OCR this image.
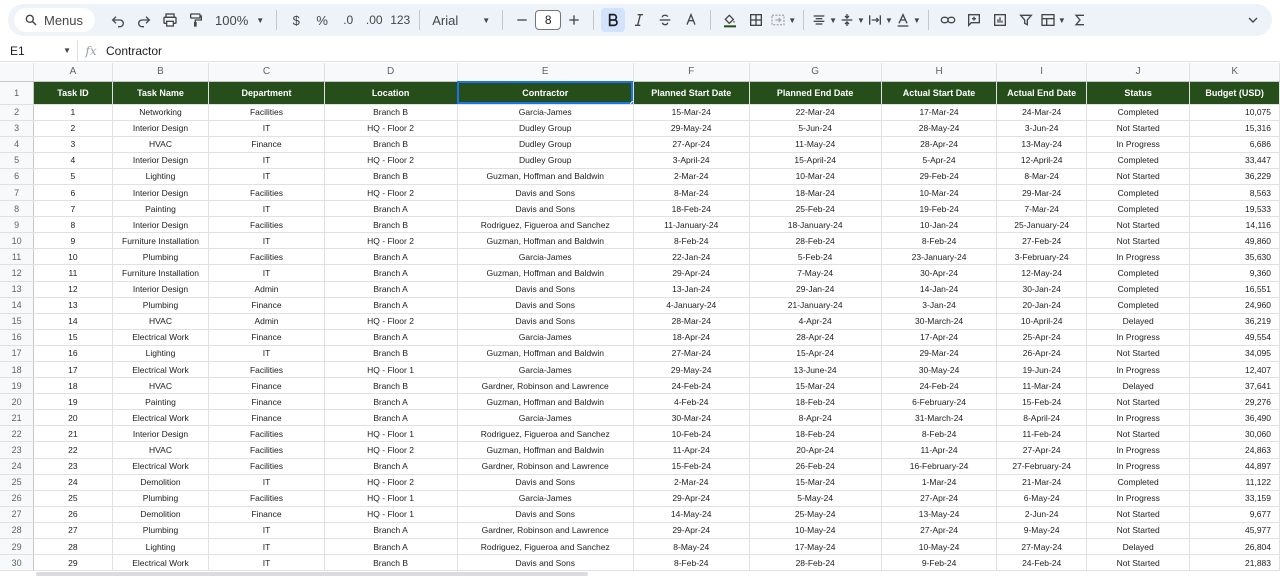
Menus	100% ▼ $ % .0 .00 123 Arial	▼	8	▼	▼	▼	▼	▼	▼
E1	▼	fx Contractor
	A	B	C	D	E	F	G	H	I	J	K
1	Task ID	Task Name	Department	Location	Contractor	Planned Start Date	Planned End Date	Actual Start Date	Actual End Date	Status	Budget (USD)
2	1	Networking	Facilities	Branch B	Garcia-James	15-Mar-24	22-Mar-24	17-Mar-24	24-Mar-24	Completed	10,075
3	2	Interior Design	IT	HQ - Floor 2	Dudley Group	29-May-24	5-Jun-24	28-May-24	3-Jun-24	Not Started	15,316
4	3	HVAC	Finance	Branch B	Dudley Group	27-Apr-24	11-May-24	28-Apr-24	13-May-24	In Progress	6,686
5	4	Interior Design	IT	HQ - Floor 2	Dudley Group	3-April-24	15-April-24	5-Apr-24	12-April-24	Completed	33,447
6	5	Lighting	IT	Branch B	Guzman, Hoffman and Baldwin	2-Mar-24	10-Mar-24	29-Feb-24	8-Mar-24	Not Started	36,229
7	6	Interior Design	Facilities	HQ - Floor 2	Davis and Sons	8-Mar-24	18-Mar-24	10-Mar-24	29-Mar-24	Completed	8,563
8	7	Painting	IT	Branch A	Davis and Sons	18-Feb-24	25-Feb-24	19-Feb-24	7-Mar-24	Completed	19,533
9	8	Interior Design	Facilities	Branch B	Rodriguez, Figueroa and Sanchez	11-January-24	18-January-24	10-Jan-24	25-January-24	Not Started	14,116
10	9	Furniture Installation	IT	HQ - Floor 2	Guzman, Hoffman and Baldwin	8-Feb-24	28-Feb-24	8-Feb-24	27-Feb-24	Not Started	49,860
11	10	Plumbing	Facilities	Branch A	Garcia-James	22-Jan-24	5-Feb-24	23-January-24	3-February-24	In Progress	35,630
12	11	Furniture Installation	IT	Branch A	Guzman, Hoffman and Baldwin	29-Apr-24	7-May-24	30-Apr-24	12-May-24	Completed	9,360
13	12	Interior Design	Admin	Branch A	Davis and Sons	13-Jan-24	29-Jan-24	14-Jan-24	30-Jan-24	Completed	16,551
14	13	Plumbing	Finance	Branch A	Davis and Sons	4-January-24	21-January-24	3-Jan-24	20-Jan-24	Completed	24,960
15	14	HVAC	Admin	HQ - Floor 2	Davis and Sons	28-Mar-24	4-Apr-24	30-March-24	10-April-24	Delayed	36,219
16	15	Electrical Work	Finance	Branch A	Garcia-James	18-Apr-24	28-Apr-24	17-Apr-24	25-Apr-24	In Progress	49,554
17	16	Lighting	IT	Branch B	Guzman, Hoffman and Baldwin	27-Mar-24	15-Apr-24	29-Mar-24	26-Apr-24	Not Started	34,095
18	17	Electrical Work	Facilities	HQ - Floor 1	Garcia-James	29-May-24	13-June-24	30-May-24	19-Jun-24	In Progress	12,407
19	18	HVAC	Finance	Branch B	Gardner, Robinson and Lawrence	24-Feb-24	15-Mar-24	24-Feb-24	11-Mar-24	Delayed	37,641
20	19	Painting	Finance	Branch A	Guzman, Hoffman and Baldwin	4-Feb-24	18-Feb-24	6-February-24	15-Feb-24	Not Started	29,276
21	20	Electrical Work	Finance	Branch A	Garcia-James	30-Mar-24	8-Apr-24	31-March-24	8-April-24	In Progress	36,490
22	21	Interior Design	Facilities	HQ - Floor 1	Rodriguez, Figueroa and Sanchez	10-Feb-24	18-Feb-24	8-Feb-24	11-Feb-24	Not Started	30,060
23	22	HVAC	Facilities	HQ - Floor 2	Guzman, Hoffman and Baldwin	11-Apr-24	20-Apr-24	11-Apr-24	27-Apr-24	In Progress	24,863
24	23	Electrical Work	Facilities	Branch A	Gardner, Robinson and Lawrence	15-Feb-24	26-Feb-24	16-February-24	27-February-24	In Progress	44,897
25	24	Demolition	IT	HQ - Floor 2	Davis and Sons	2-Mar-24	15-Mar-24	1-Mar-24	21-Mar-24	Completed	11,122
26	25	Plumbing	Facilities	HQ - Floor 1	Garcia-James	29-Apr-24	5-May-24	27-Apr-24	6-May-24	In Progress	33,159
27	26	Demolition	Finance	HQ - Floor 1	Davis and Sons	14-May-24	25-May-24	13-May-24	2-Jun-24	Not Started	9,677
28	27	Plumbing	IT	Branch A	Gardner, Robinson and Lawrence	29-Apr-24	10-May-24	27-Apr-24	9-May-24	Not Started	45,977
29	28	Lighting	IT	Branch A	Rodriguez, Figueroa and Sanchez	8-May-24	17-May-24	10-May-24	27-May-24	Delayed	26,804
30	29	Electrical Work	IT	Branch B	Davis and Sons	8-Feb-24	28-Feb-24	9-Feb-24	24-Feb-24	Not Started	21,883
